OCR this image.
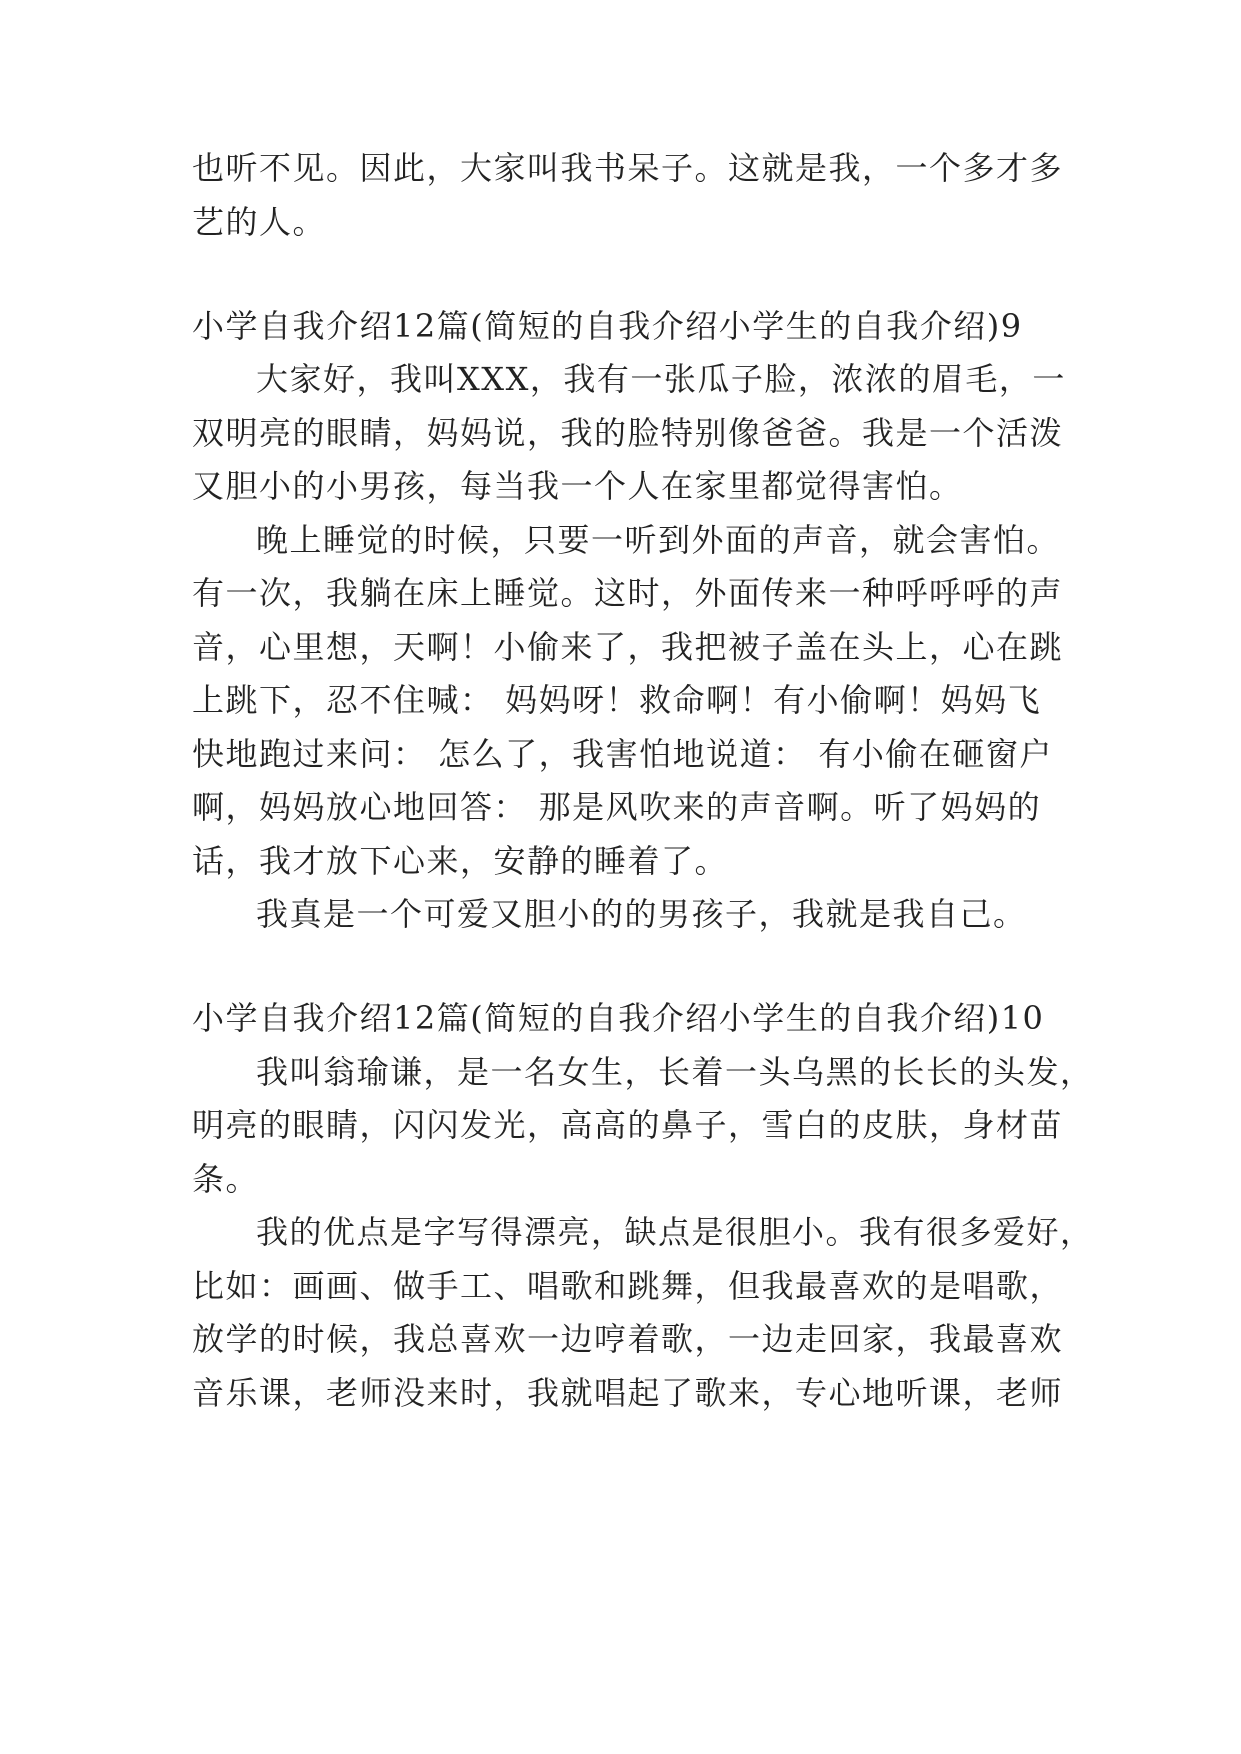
也听不见。因此，大家叫我书呆子。这就是我，一个多才多
艺的人。
小学自我介绍12篇(简短的自我介绍小学生的自我介绍)9
大家好，我叫XXX，我有一张瓜子脸，浓浓的眉毛，一
双明亮的眼睛，妈妈说，我的脸特别像爸爸。我是一个活泼
又胆小的小男孩，每当我一个人在家里都觉得害怕。
晚上睡觉的时候，只要一听到外面的声音，就会害怕。
有一次，我躺在床上睡觉。这时，外面传来一种呼呼呼的声
音，心里想，天啊！小偷来了，我把被子盖在头上，心在跳
上跳下，忍不住喊： 妈妈呀！救命啊！有小偷啊！妈妈飞
快地跑过来问： 怎么了，我害怕地说道： 有小偷在砸窗户
啊，妈妈放心地回答： 那是风吹来的声音啊。听了妈妈的
话，我才放下心来，安静的睡着了。
我真是一个可爱又胆小的的男孩子，我就是我自己。
小学自我介绍12篇(简短的自我介绍小学生的自我介绍)10
我叫翁瑜谦，是一名女生，长着一头乌黑的长长的头发，
明亮的眼睛，闪闪发光，高高的鼻子，雪白的皮肤，身材苗
条。
我的优点是字写得漂亮，缺点是很胆小。我有很多爱好，
比如：画画、做手工、唱歌和跳舞，但我最喜欢的是唱歌，
放学的时候，我总喜欢一边哼着歌，一边走回家，我最喜欢
音乐课，老师没来时，我就唱起了歌来，专心地听课，老师
